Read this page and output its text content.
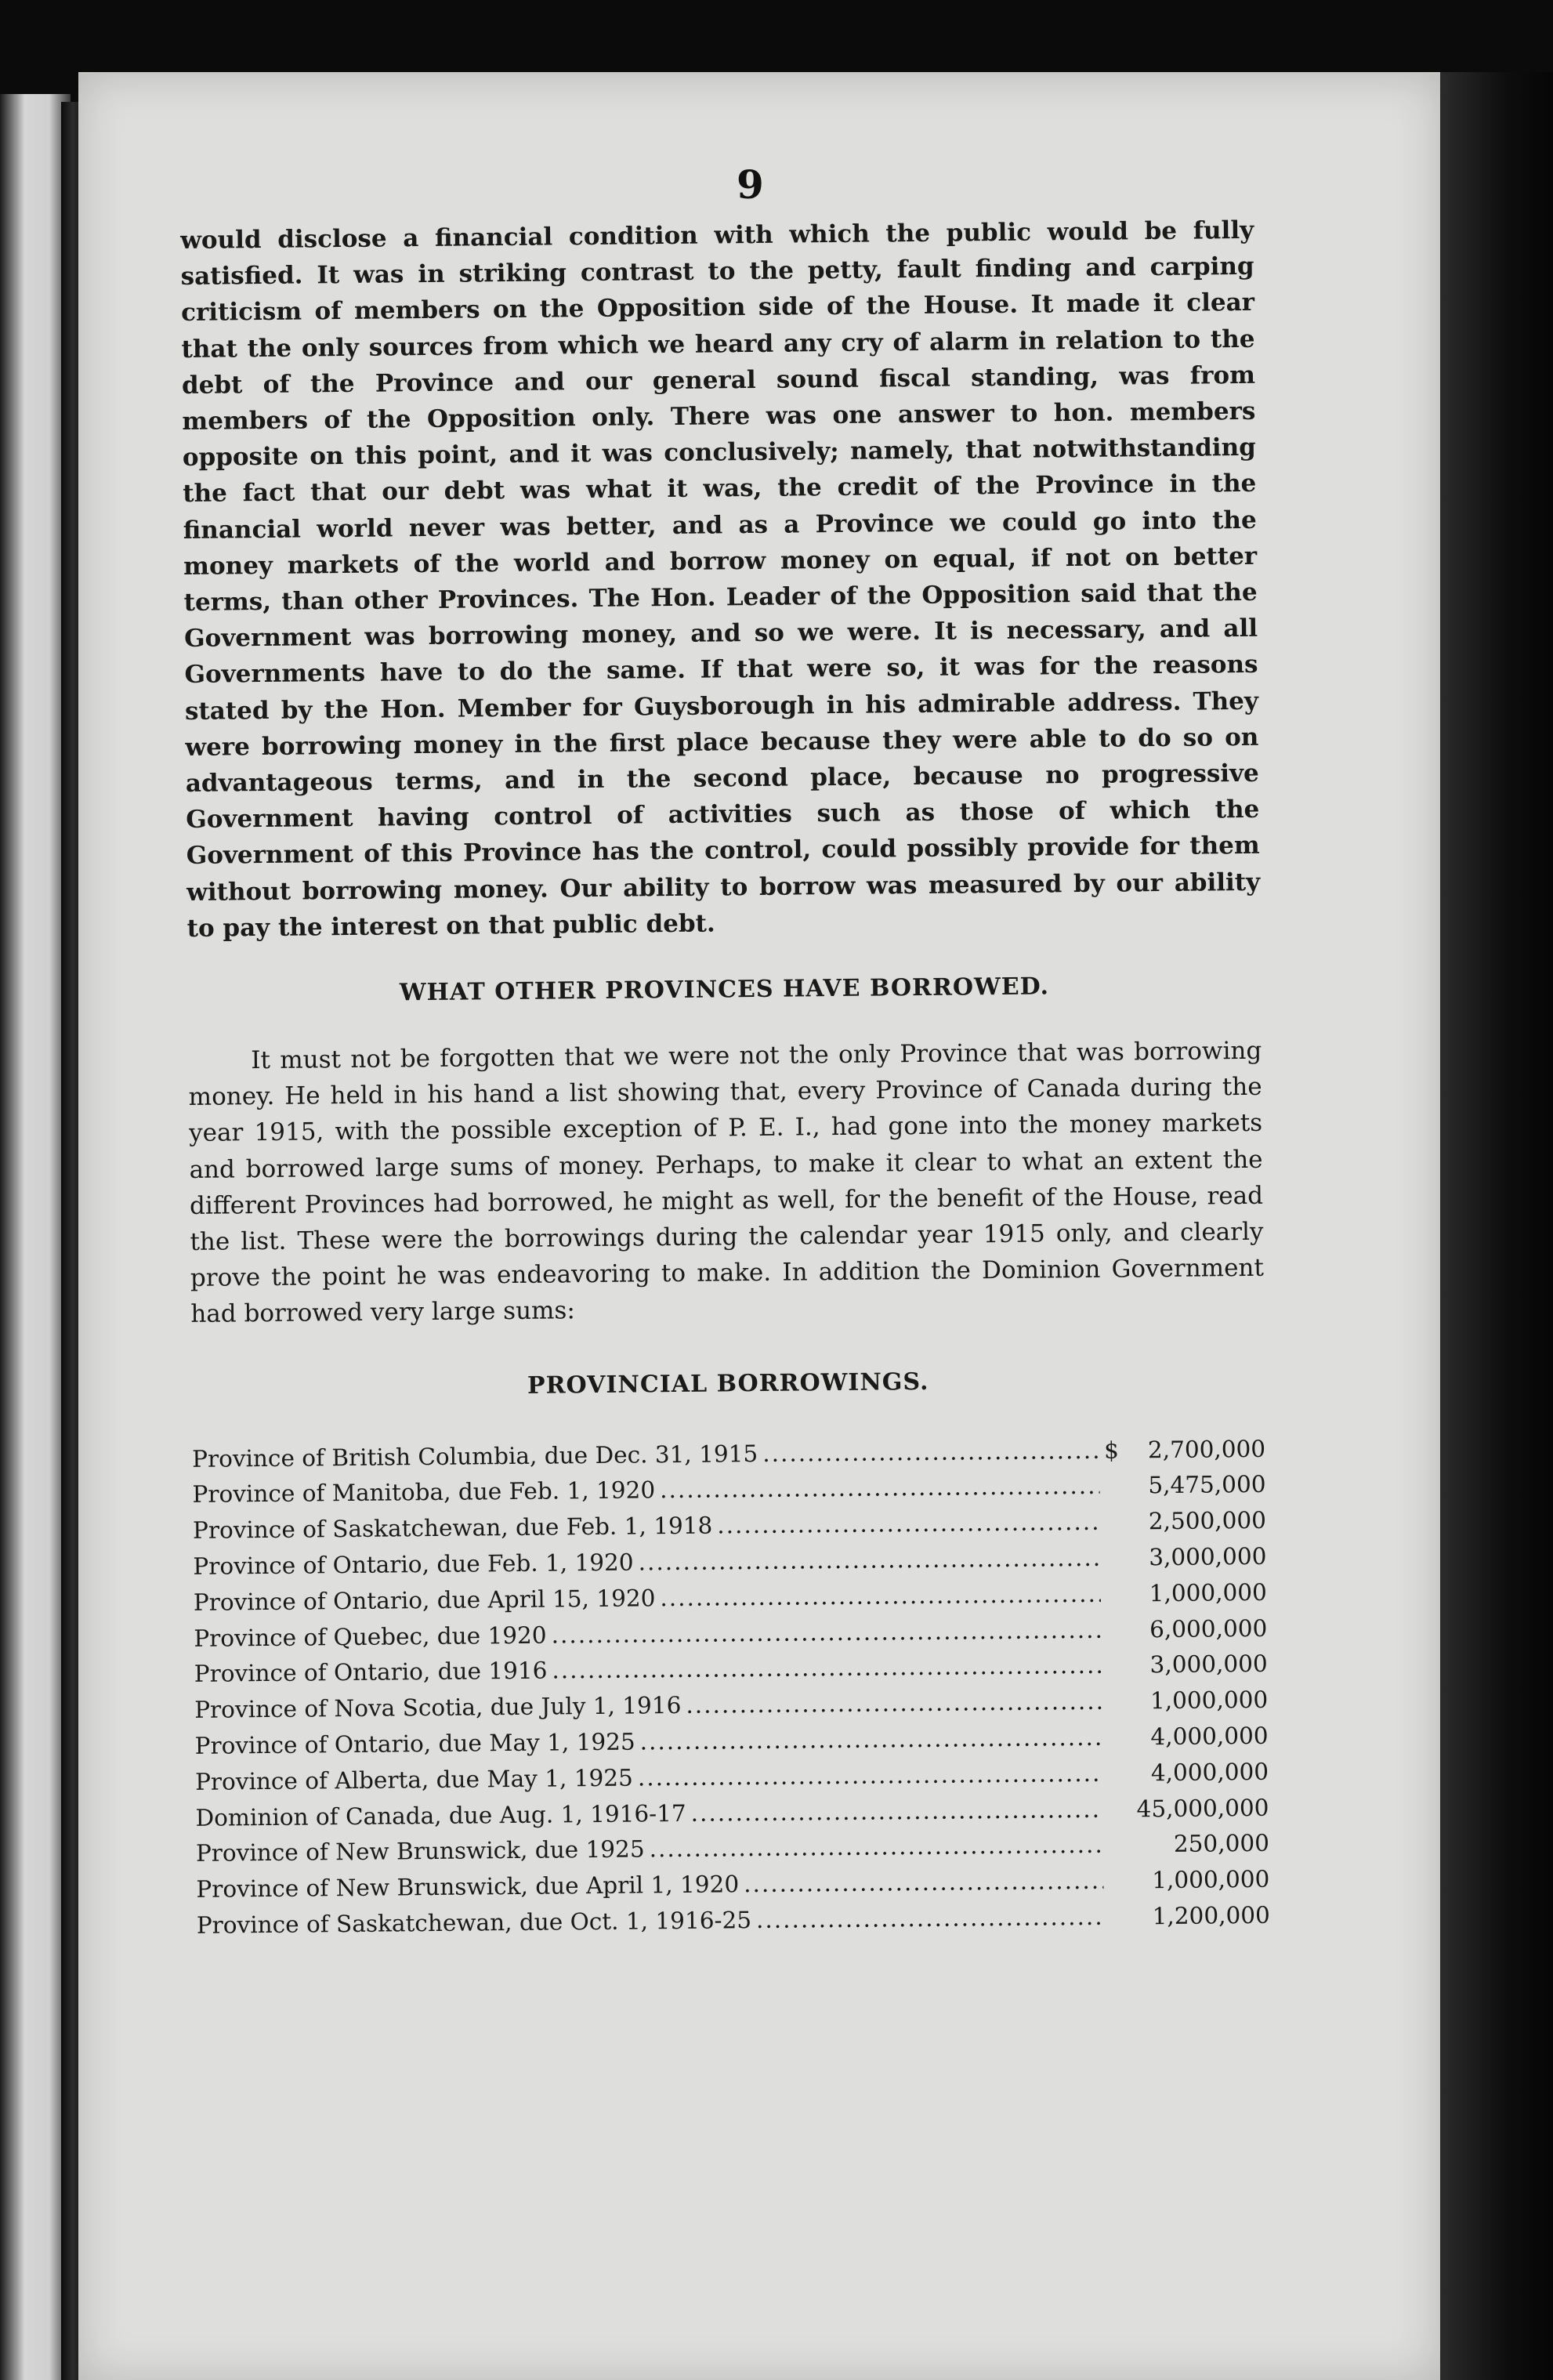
9

would disclose a financial condition with which the public would be fully satisfied. It was in striking contrast to the petty, fault finding and carping criticism of members on the Opposition side of the House. It made it clear that the only sources from which we heard any cry of alarm in relation to the debt of the Province and our general sound fiscal standing, was from members of the Opposition only. There was one answer to hon. members opposite on this point, and it was conclusively; namely, that notwithstanding the fact that our debt was what it was, the credit of the Province in the financial world never was better, and as a Province we could go into the money markets of the world and borrow money on equal, if not on better terms, than other Provinces. The Hon. Leader of the Opposition said that the Government was borrowing money, and so we were. It is necessary, and all Governments have to do the same. If that were so, it was for the reasons stated by the Hon. Member for Guysborough in his admirable address. They were borrowing money in the first place because they were able to do so on advantageous terms, and in the second place, because no progressive Government having control of activities such as those of which the Government of this Province has the control, could possibly provide for them without borrowing money. Our ability to borrow was measured by our ability to pay the interest on that public debt.

WHAT OTHER PROVINCES HAVE BORROWED.

It must not be forgotten that we were not the only Province that was borrowing money. He held in his hand a list showing that, every Province of Canada during the year 1915, with the possible exception of P. E. I., had gone into the money markets and borrowed large sums of money. Perhaps, to make it clear to what an extent the different Provinces had borrowed, he might as well, for the benefit of the House, read the list. These were the borrowings during the calendar year 1915 only, and clearly prove the point he was endeavoring to make. In addition the Dominion Government had borrowed very large sums:

PROVINCIAL BORROWINGS.
Province of British Columbia, due Dec. 31, 1915 .....	$	2,700,000
Province of Manitoba, due Feb. 1, 1920 .....	5,475,000
Province of Saskatchewan, due Feb. 1, 1918 .....	2,500,000
Province of Ontario, due Feb. 1, 1920 .....	3,000,000
Province of Ontario, due April 15, 1920 .....	1,000,000
Province of Quebec, due 1920 .....	6,000,000
Province of Ontario, due 1916 .....	3,000,000
Province of Nova Scotia, due July 1, 1916 .....	1,000,000
Province of Ontario, due May 1, 1925 .....	4,000,000
Province of Alberta, due May 1, 1925 .....	4,000,000
Dominion of Canada, due Aug. 1, 1916-17 .....	45,000,000
Province of New Brunswick, due 1925 .....	250,000
Province of New Brunswick, due April 1, 1920 .....	1,000,000
Province of Saskatchewan, due Oct. 1, 1916-25 .....	1,200,000
